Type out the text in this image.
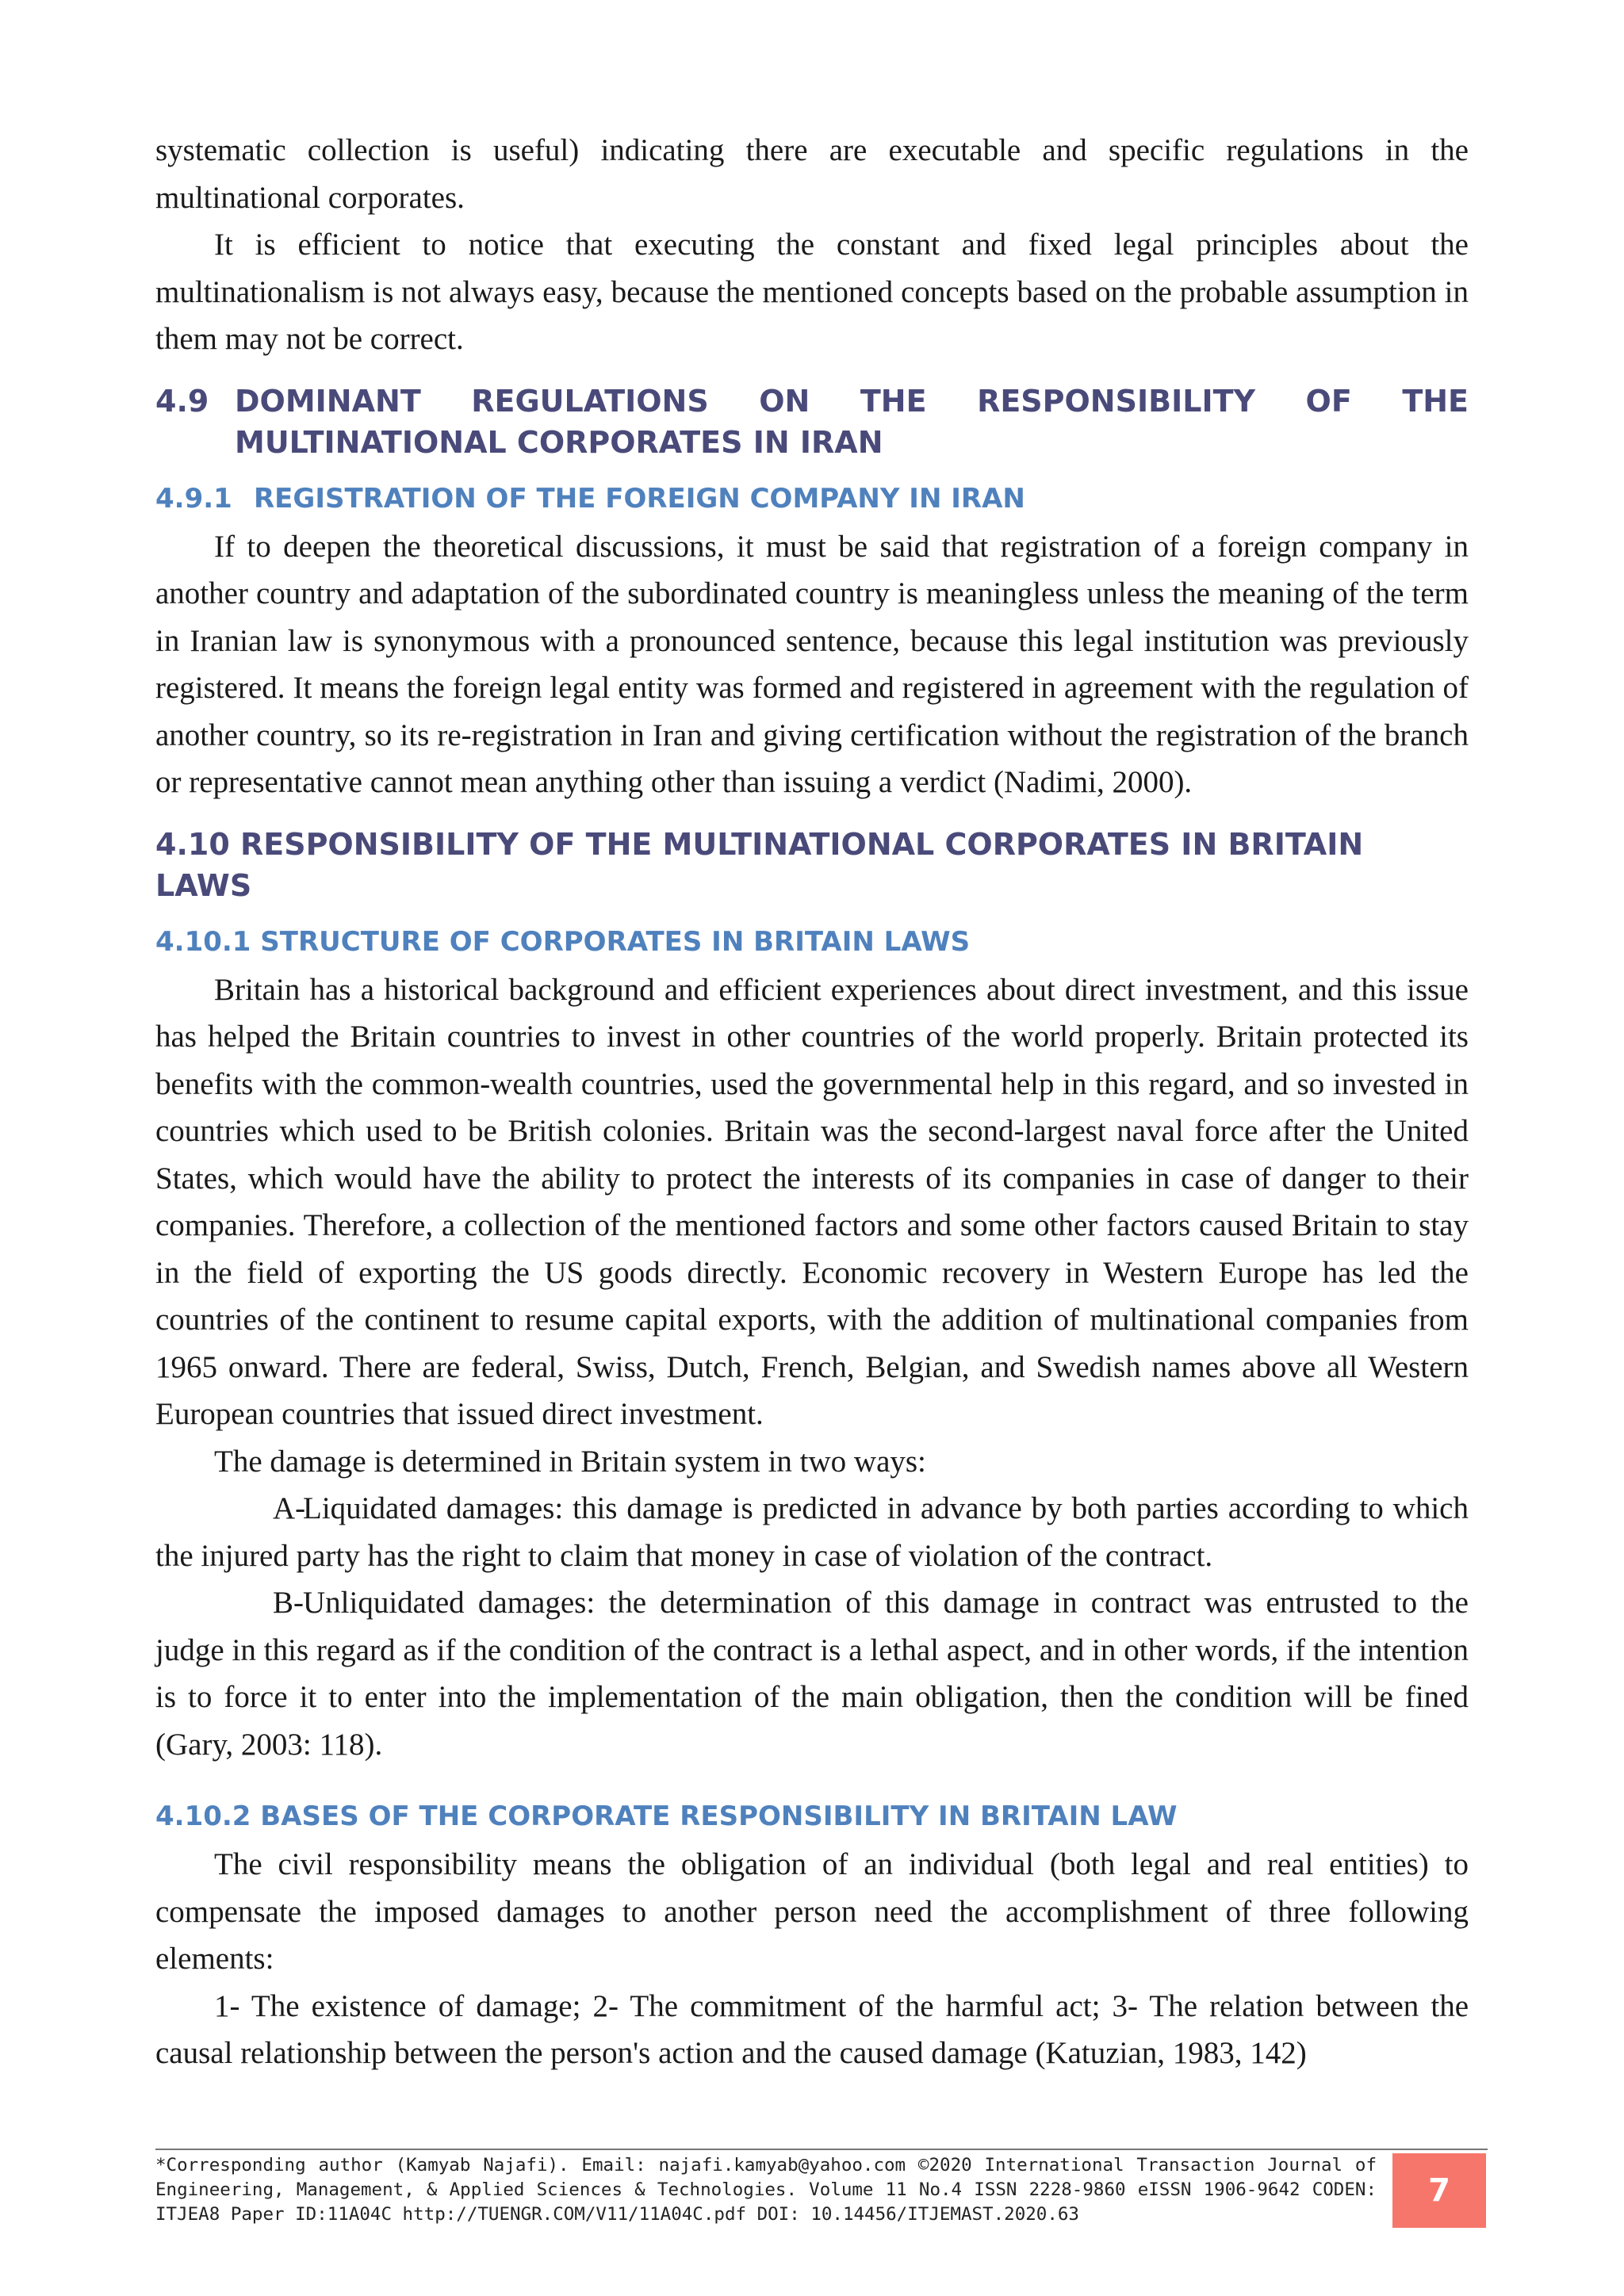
systematic collection is useful) indicating there are executable and specific regulations in the multinational corporates.

It is efficient to notice that executing the constant and fixed legal principles about the multinationalism is not always easy, because the mentioned concepts based on the probable assumption in them may not be correct.

4.9 DOMINANT REGULATIONS ON THE RESPONSIBILITY OF THE MULTINATIONAL CORPORATES IN IRAN
4.9.1 REGISTRATION OF THE FOREIGN COMPANY IN IRAN

If to deepen the theoretical discussions, it must be said that registration of a foreign company in another country and adaptation of the subordinated country is meaningless unless the meaning of the term in Iranian law is synonymous with a pronounced sentence, because this legal institution was previously registered. It means the foreign legal entity was formed and registered in agreement with the regulation of another country, so its re-registration in Iran and giving certification without the registration of the branch or representative cannot mean anything other than issuing a verdict (Nadimi, 2000).

4.10 RESPONSIBILITY OF THE MULTINATIONAL CORPORATES IN BRITAIN LAWS
4.10.1 STRUCTURE OF CORPORATES IN BRITAIN LAWS

Britain has a historical background and efficient experiences about direct investment, and this issue has helped the Britain countries to invest in other countries of the world properly. Britain protected its benefits with the common-wealth countries, used the governmental help in this regard, and so invested in countries which used to be British colonies. Britain was the second-largest naval force after the United States, which would have the ability to protect the interests of its companies in case of danger to their companies. Therefore, a collection of the mentioned factors and some other factors caused Britain to stay in the field of exporting the US goods directly. Economic recovery in Western Europe has led the countries of the continent to resume capital exports, with the addition of multinational companies from 1965 onward. There are federal, Swiss, Dutch, French, Belgian, and Swedish names above all Western European countries that issued direct investment.

The damage is determined in Britain system in two ways:

A-Liquidated damages: this damage is predicted in advance by both parties according to which the injured party has the right to claim that money in case of violation of the contract.

B-Unliquidated damages: the determination of this damage in contract was entrusted to the judge in this regard as if the condition of the contract is a lethal aspect, and in other words, if the intention is to force it to enter into the implementation of the main obligation, then the condition will be fined (Gary, 2003: 118).

4.10.2 BASES OF THE CORPORATE RESPONSIBILITY IN BRITAIN LAW

The civil responsibility means the obligation of an individual (both legal and real entities) to compensate the imposed damages to another person need the accomplishment of three following elements:

1- The existence of damage; 2- The commitment of the harmful act; 3- The relation between the causal relationship between the person's action and the caused damage (Katuzian, 1983, 142)

*Corresponding author (Kamyab Najafi). Email: najafi.kamyab@yahoo.com ©2020 International Transaction Journal of Engineering, Management, & Applied Sciences & Technologies. Volume 11 No.4 ISSN 2228-9860 eISSN 1906-9642 CODEN: ITJEA8 Paper ID:11A04C http://TUENGR.COM/V11/11A04C.pdf DOI: 10.14456/ITJEMAST.2020.63
7
